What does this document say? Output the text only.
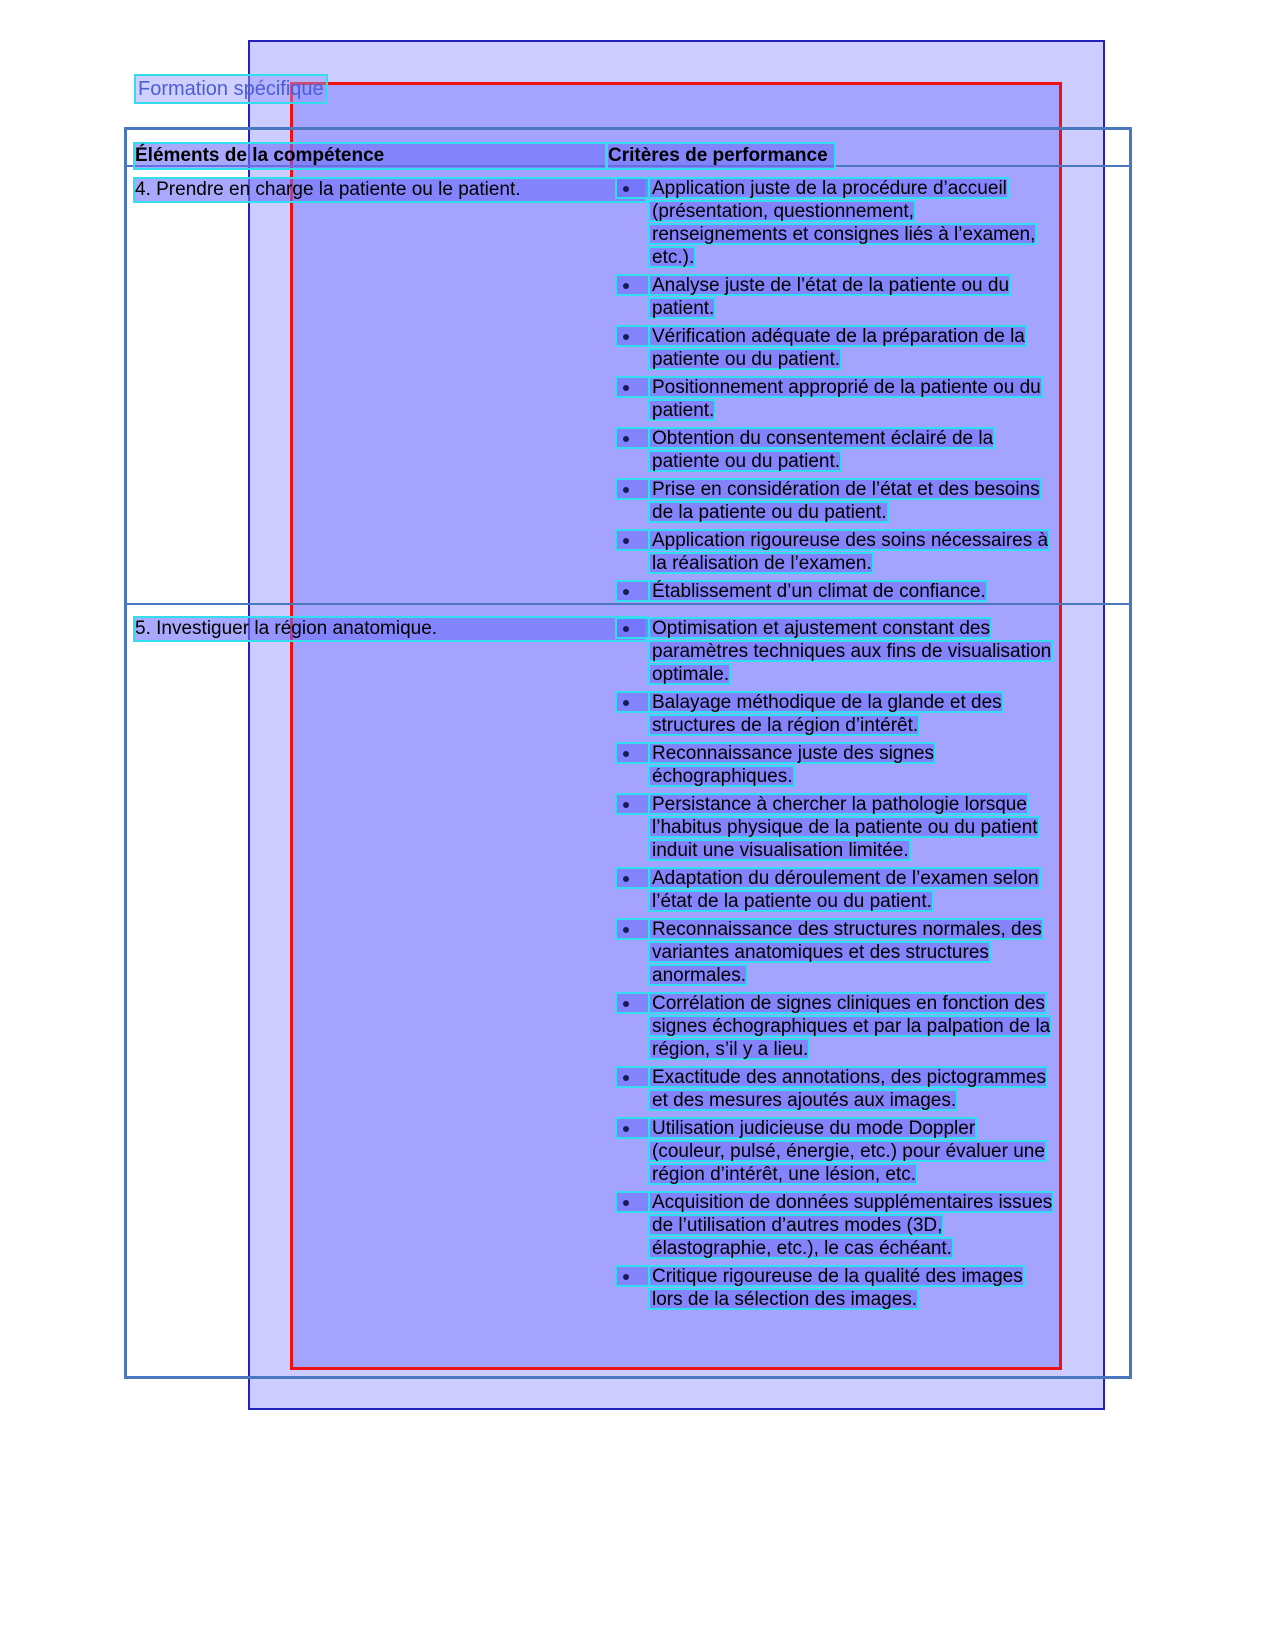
Formation spécifique
Éléments de la compétence	Critères de performance
4. Prendre en charge la patiente ou le patient.	Application juste de la procédure d’accueil
(présentation, questionnement,
renseignements et consignes liés à l’examen,
etc.).
Analyse juste de l’état de la patiente ou du
patient.
Vérification adéquate de la préparation de la
patiente ou du patient.
Positionnement approprié de la patiente ou du
patient.
Obtention du consentement éclairé de la
patiente ou du patient.
Prise en considération de l’état et des besoins
de la patiente ou du patient.
Application rigoureuse des soins nécessaires à
la réalisation de l’examen.
Établissement d’un climat de confiance.
5. Investiguer la région anatomique.	Optimisation et ajustement constant des
paramètres techniques aux fins de visualisation
optimale.
Balayage méthodique de la glande et des
structures de la région d’intérêt.
Reconnaissance juste des signes
échographiques.
Persistance à chercher la pathologie lorsque
l’habitus physique de la patiente ou du patient
induit une visualisation limitée.
Adaptation du déroulement de l’examen selon
l’état de la patiente ou du patient.
Reconnaissance des structures normales, des
variantes anatomiques et des structures
anormales.
Corrélation de signes cliniques en fonction des
signes échographiques et par la palpation de la
région, s’il y a lieu.
Exactitude des annotations, des pictogrammes
et des mesures ajoutés aux images.
Utilisation judicieuse du mode Doppler
(couleur, pulsé, énergie, etc.) pour évaluer une
région d’intérêt, une lésion, etc.
Acquisition de données supplémentaires issues
de l’utilisation d’autres modes (3D,
élastographie, etc.), le cas échéant.
Critique rigoureuse de la qualité des images
lors de la sélection des images.
